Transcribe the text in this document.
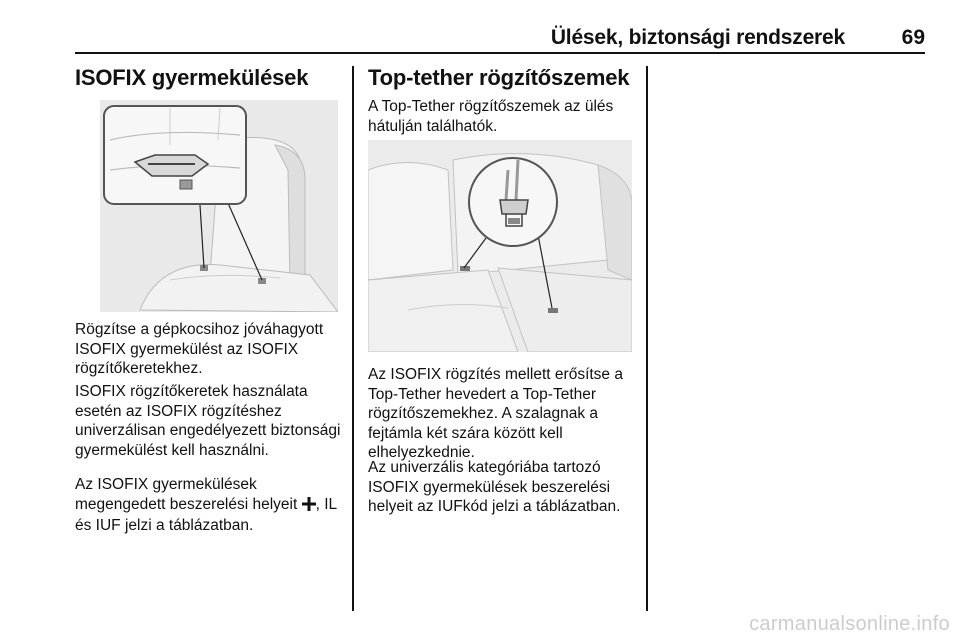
Ülések, biztonsági rendszerek	69
ISOFIX gyermekülések

Rögzítse a gépkocsihoz jóváhagyott ISOFIX gyermekülést az ISOFIX rögzítőkeretekhez.

ISOFIX rögzítőkeretek használata esetén az ISOFIX rögzítéshez univerzálisan engedélyezett biztonsági gyermekülést kell használni.

Az ISOFIX gyermekülések megengedett beszerelési helyeit , IL és IUF jelzi a táblázatban.

Top-tether rögzítőszemek

A Top-Tether rögzítőszemek az ülés hátulján találhatók.

Az ISOFIX rögzítés mellett erősítse a Top-Tether hevedert a Top-Tether rögzítőszemekhez. A szalagnak a fejtámla két szára között kell elhelyezkednie.

Az univerzális kategóriába tartozó ISOFIX gyermekülések beszerelési helyeit az IUFkód jelzi a táblázatban.

carmanualsonline.info
